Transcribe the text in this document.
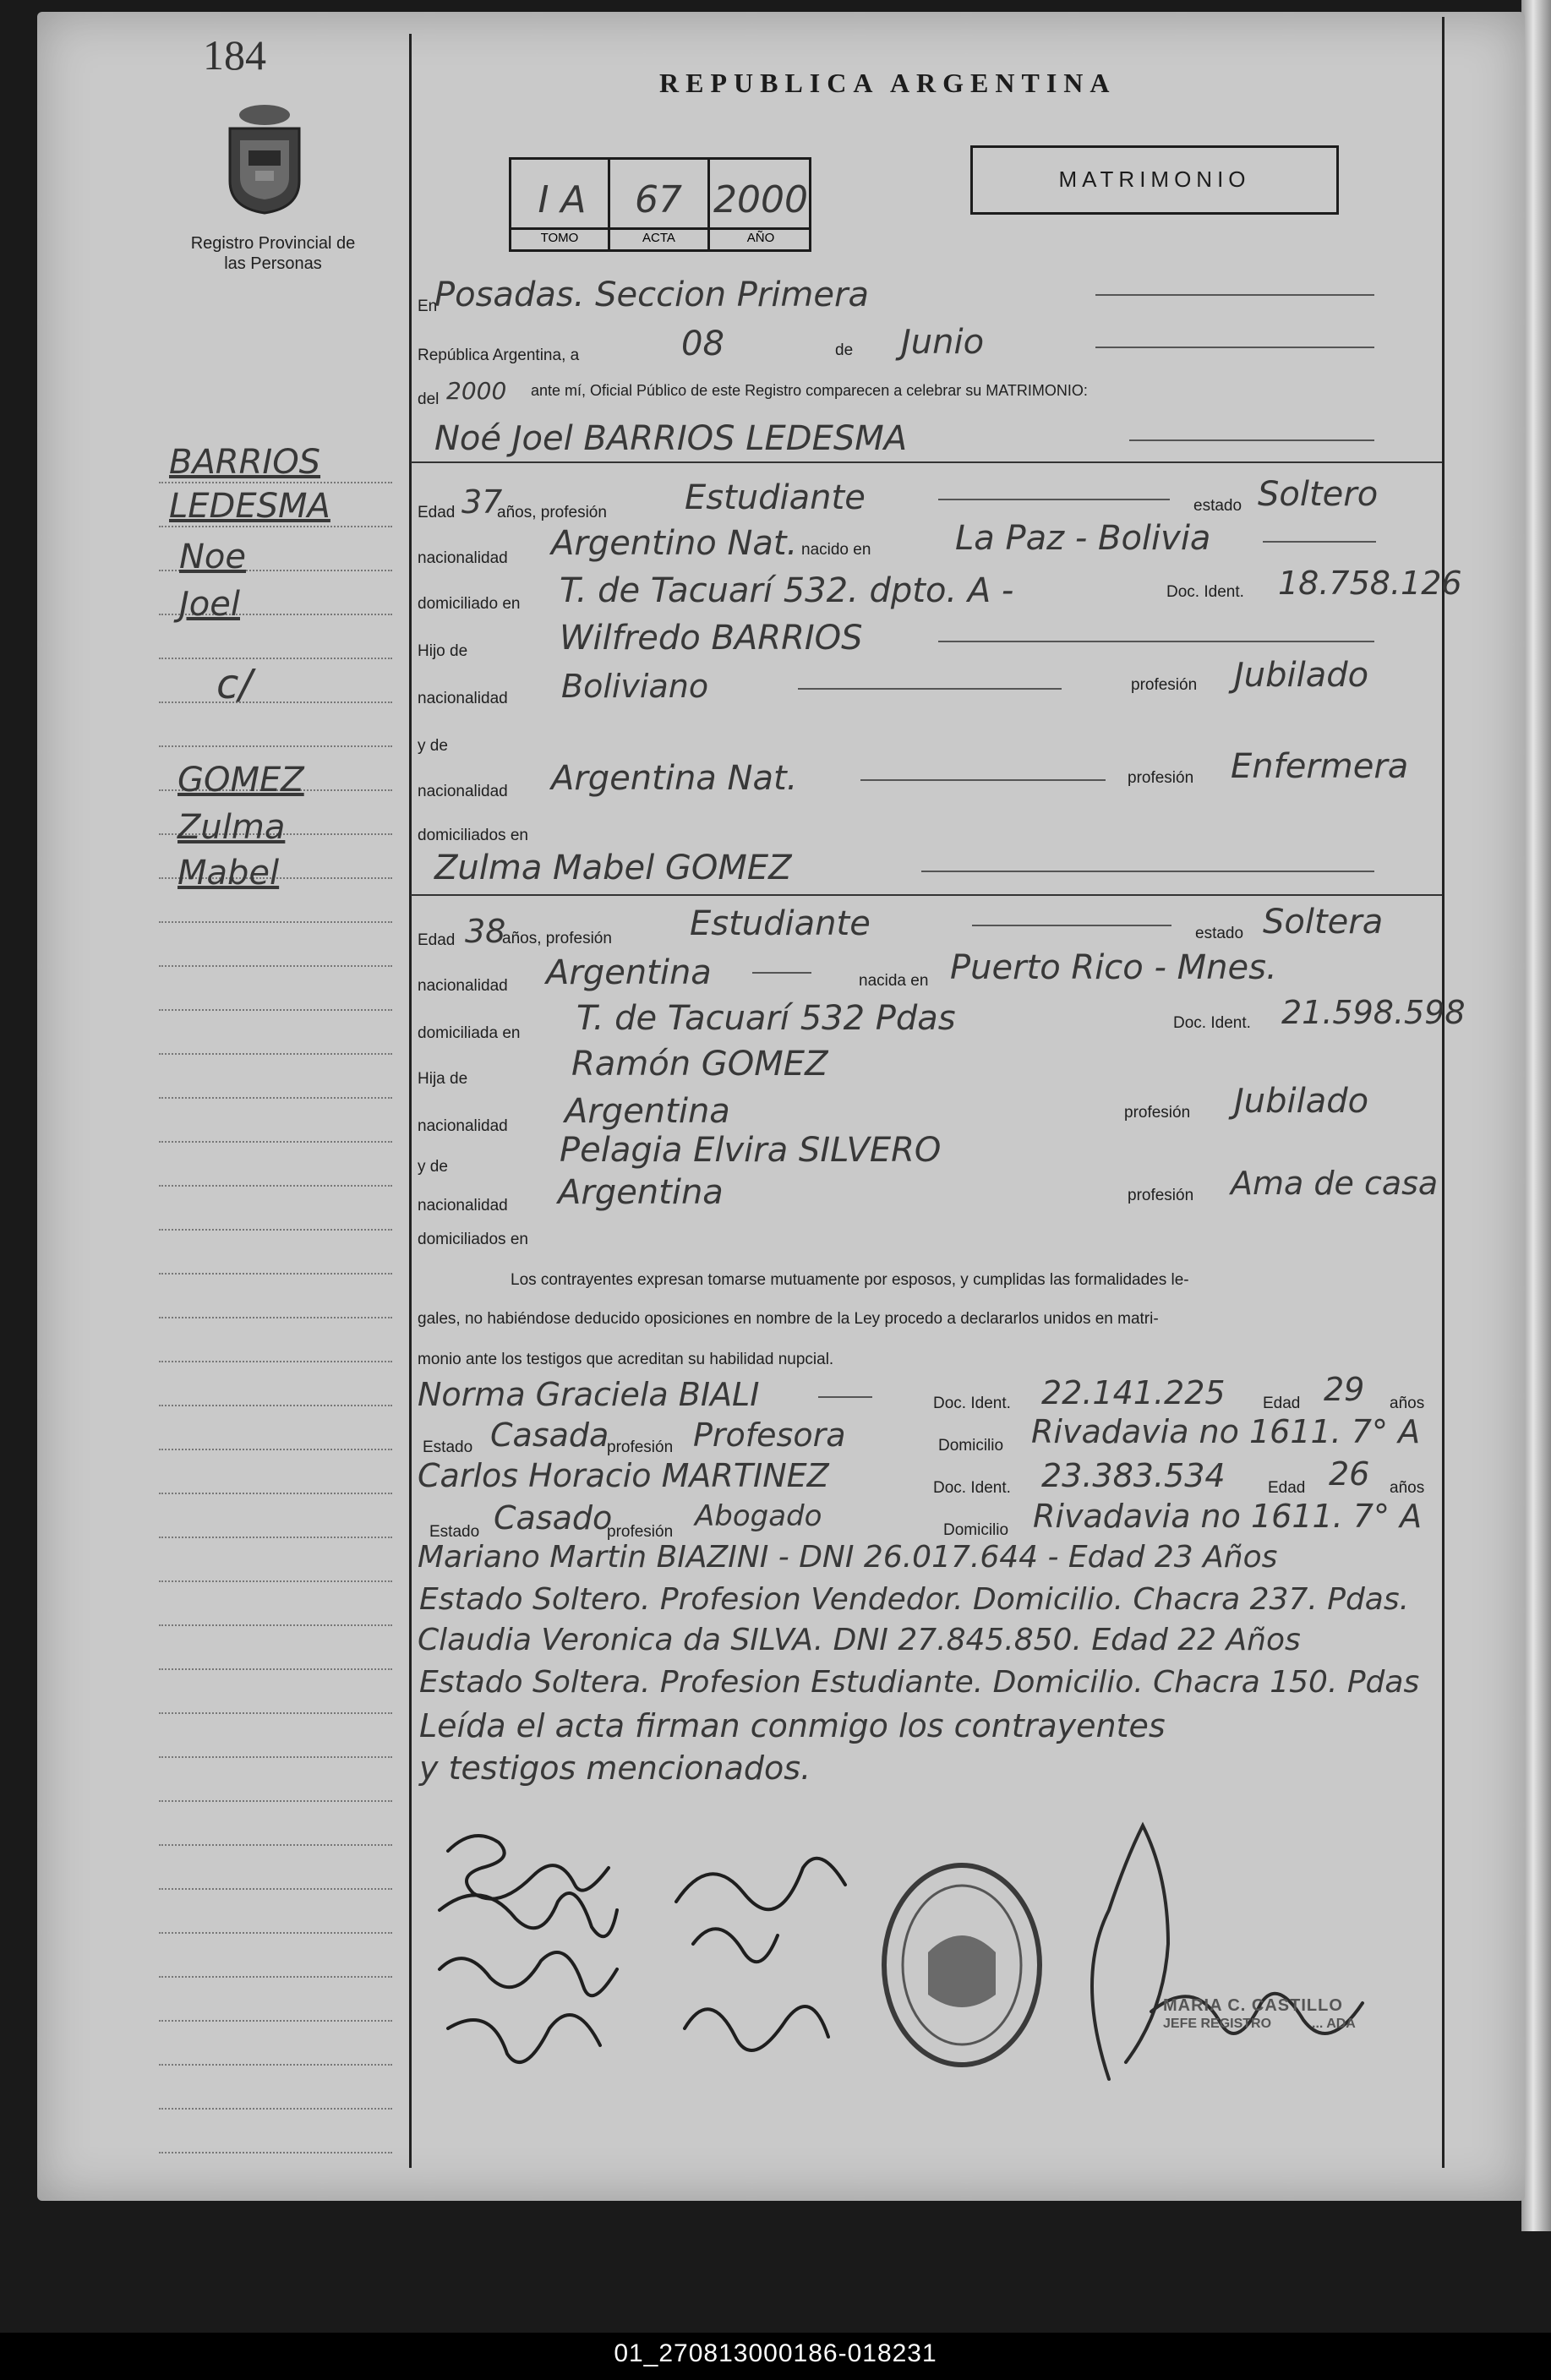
184
Registro Provincial de las Personas
REPUBLICA ARGENTINA
MATRIMONIO
I A	67 2000
TOMO	ACTA	AÑO
BARRIOS
LEDESMA
Noe
Joel
c/
GOMEZ
Zulma
Mabel
En
Posadas. Seccion Primera
República Argentina, a	08	de Junio
del 2000 ante mí, Oficial Público de este Registro comparecen a celebrar su MATRIMONIO:
Noé Joel BARRIOS LEDESMA
Edad 37
años, profesión Estudiante	estado Soltero
nacionalidad Argentino Nat. nacido en La Paz - Bolivia
domiciliado en T. de Tacuarí 532. dpto. A -	Doc. Ident. 18.758.126
Hijo de	Wilfredo BARRIOS
nacionalidad Boliviano	profesión Jubilado
y de
nacionalidad Argentina Nat.	profesión Enfermera
domiciliados en
Zulma Mabel GOMEZ
Edad 38
años, profesión Estudiante	estado Soltera
nacionalidad Argentina	nacida en Puerto Rico - Mnes.
domiciliada en T. de Tacuarí 532 Pdas	Doc. Ident. 21.598.598
Hija de	Ramón GOMEZ
nacionalidad Argentina	profesión Jubilado
y de	Pelagia Elvira SILVERO
nacionalidad Argentina	profesión Ama de casa
domiciliados en
Los contrayentes expresan tomarse mutuamente por esposos, y cumplidas las formalidades le-
gales, no habiéndose deducido oposiciones en nombre de la Ley procedo a declararlos unidos en matri-
monio ante los testigos que acreditan su habilidad nupcial.
Norma Graciela BIALI	Doc. Ident. 22.141.225 Edad 29 años
Estado Casada
profesión Profesora	Domicilio Rivadavia no 1611. 7° A
Carlos Horacio MARTINEZ	Doc. Ident. 23.383.534	Edad 26 años
Estado Casado
profesión Abogado	Domicilio Rivadavia no 1611. 7° A
Mariano Martin BIAZINI - DNI 26.017.644 - Edad 23 Años
Estado Soltero. Profesion Vendedor. Domicilio. Chacra 237. Pdas.
Claudia Veronica da SILVA. DNI 27.845.850. Edad 22 Años
Estado Soltera. Profesion Estudiante. Domicilio. Chacra 150. Pdas
Leída el acta firman conmigo los contrayentes
y testigos mencionados.
MARIA C. CASTILLO
JEFE REGISTRO	... ADA
01_270813000186-018231
